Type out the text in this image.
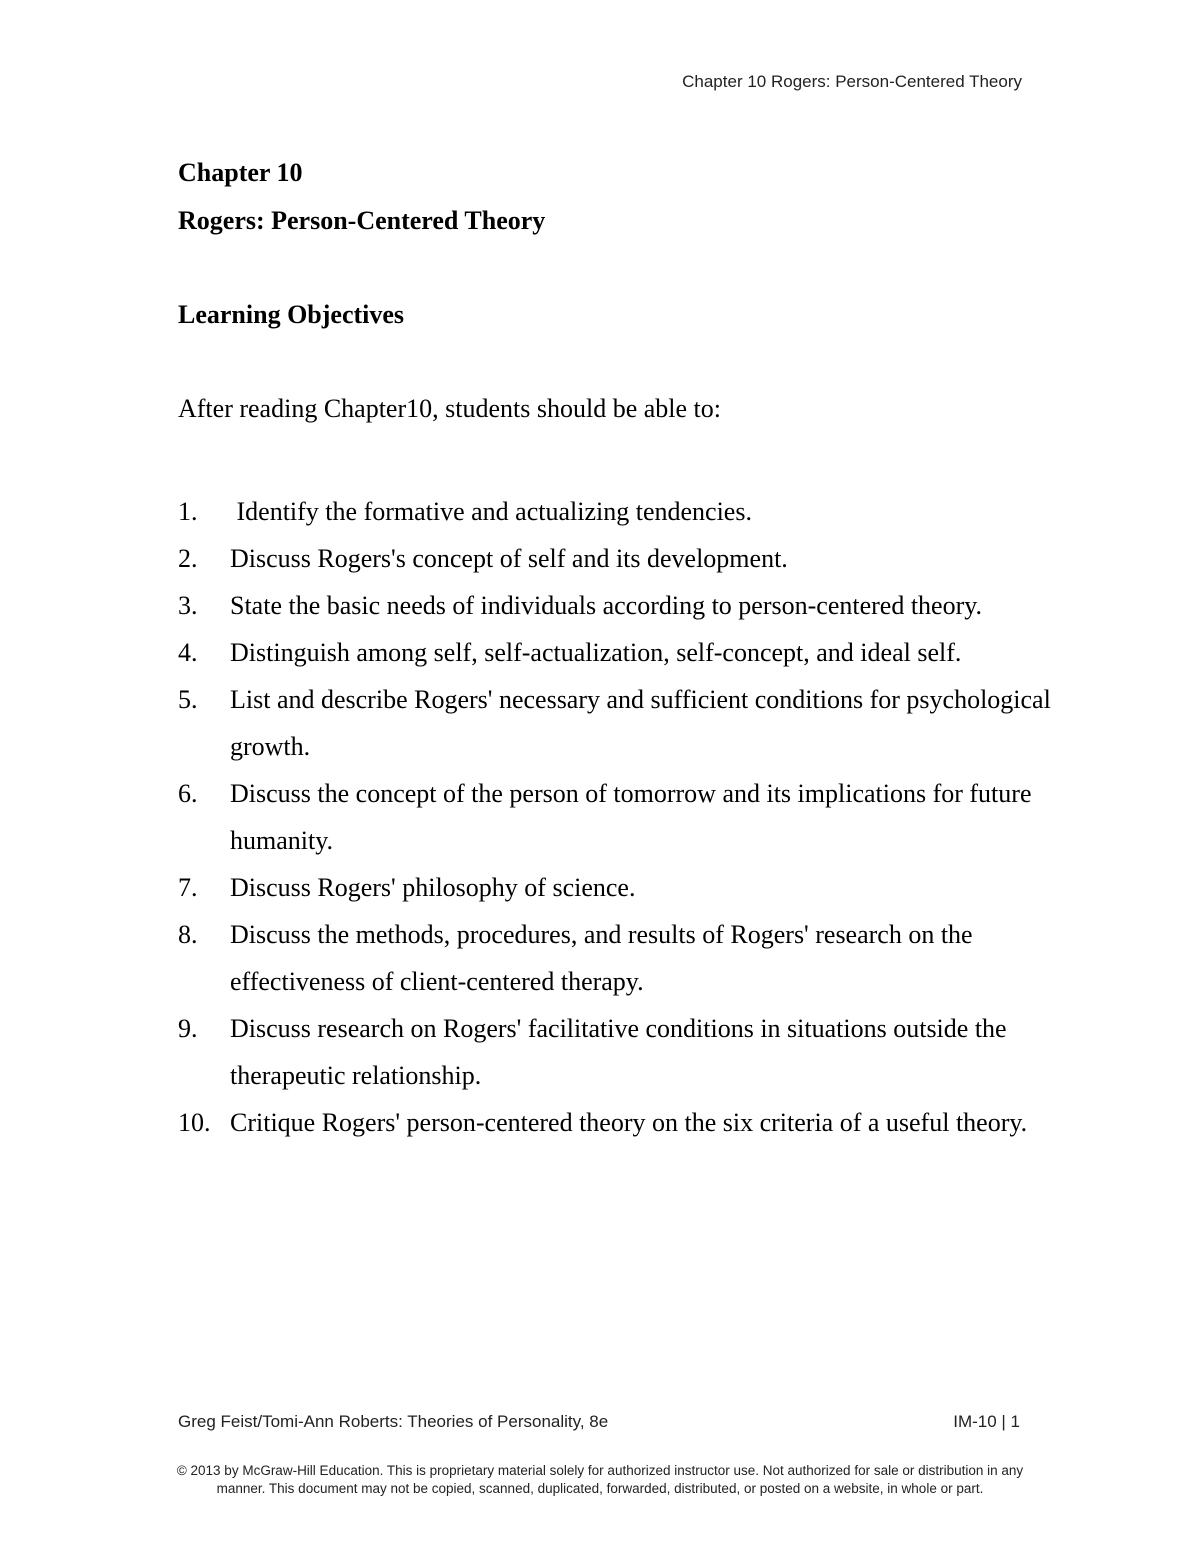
Chapter 10 Rogers: Person-Centered Theory
Chapter 10
Rogers: Person-Centered Theory
Learning Objectives
After reading Chapter10, students should be able to:
1. Identify the formative and actualizing tendencies.
2. Discuss Rogers's concept of self and its development.
3. State the basic needs of individuals according to person-centered theory.
4. Distinguish among self, self-actualization, self-concept, and ideal self.
5. List and describe Rogers' necessary and sufficient conditions for psychological growth.
6. Discuss the concept of the person of tomorrow and its implications for future humanity.
7. Discuss Rogers' philosophy of science.
8. Discuss the methods, procedures, and results of Rogers' research on the effectiveness of client-centered therapy.
9. Discuss research on Rogers' facilitative conditions in situations outside the therapeutic relationship.
10. Critique Rogers' person-centered theory on the six criteria of a useful theory.
Greg Feist/Tomi-Ann Roberts: Theories of Personality, 8e	IM-10 | 1
© 2013 by McGraw-Hill Education. This is proprietary material solely for authorized instructor use. Not authorized for sale or distribution in any manner. This document may not be copied, scanned, duplicated, forwarded, distributed, or posted on a website, in whole or part.
